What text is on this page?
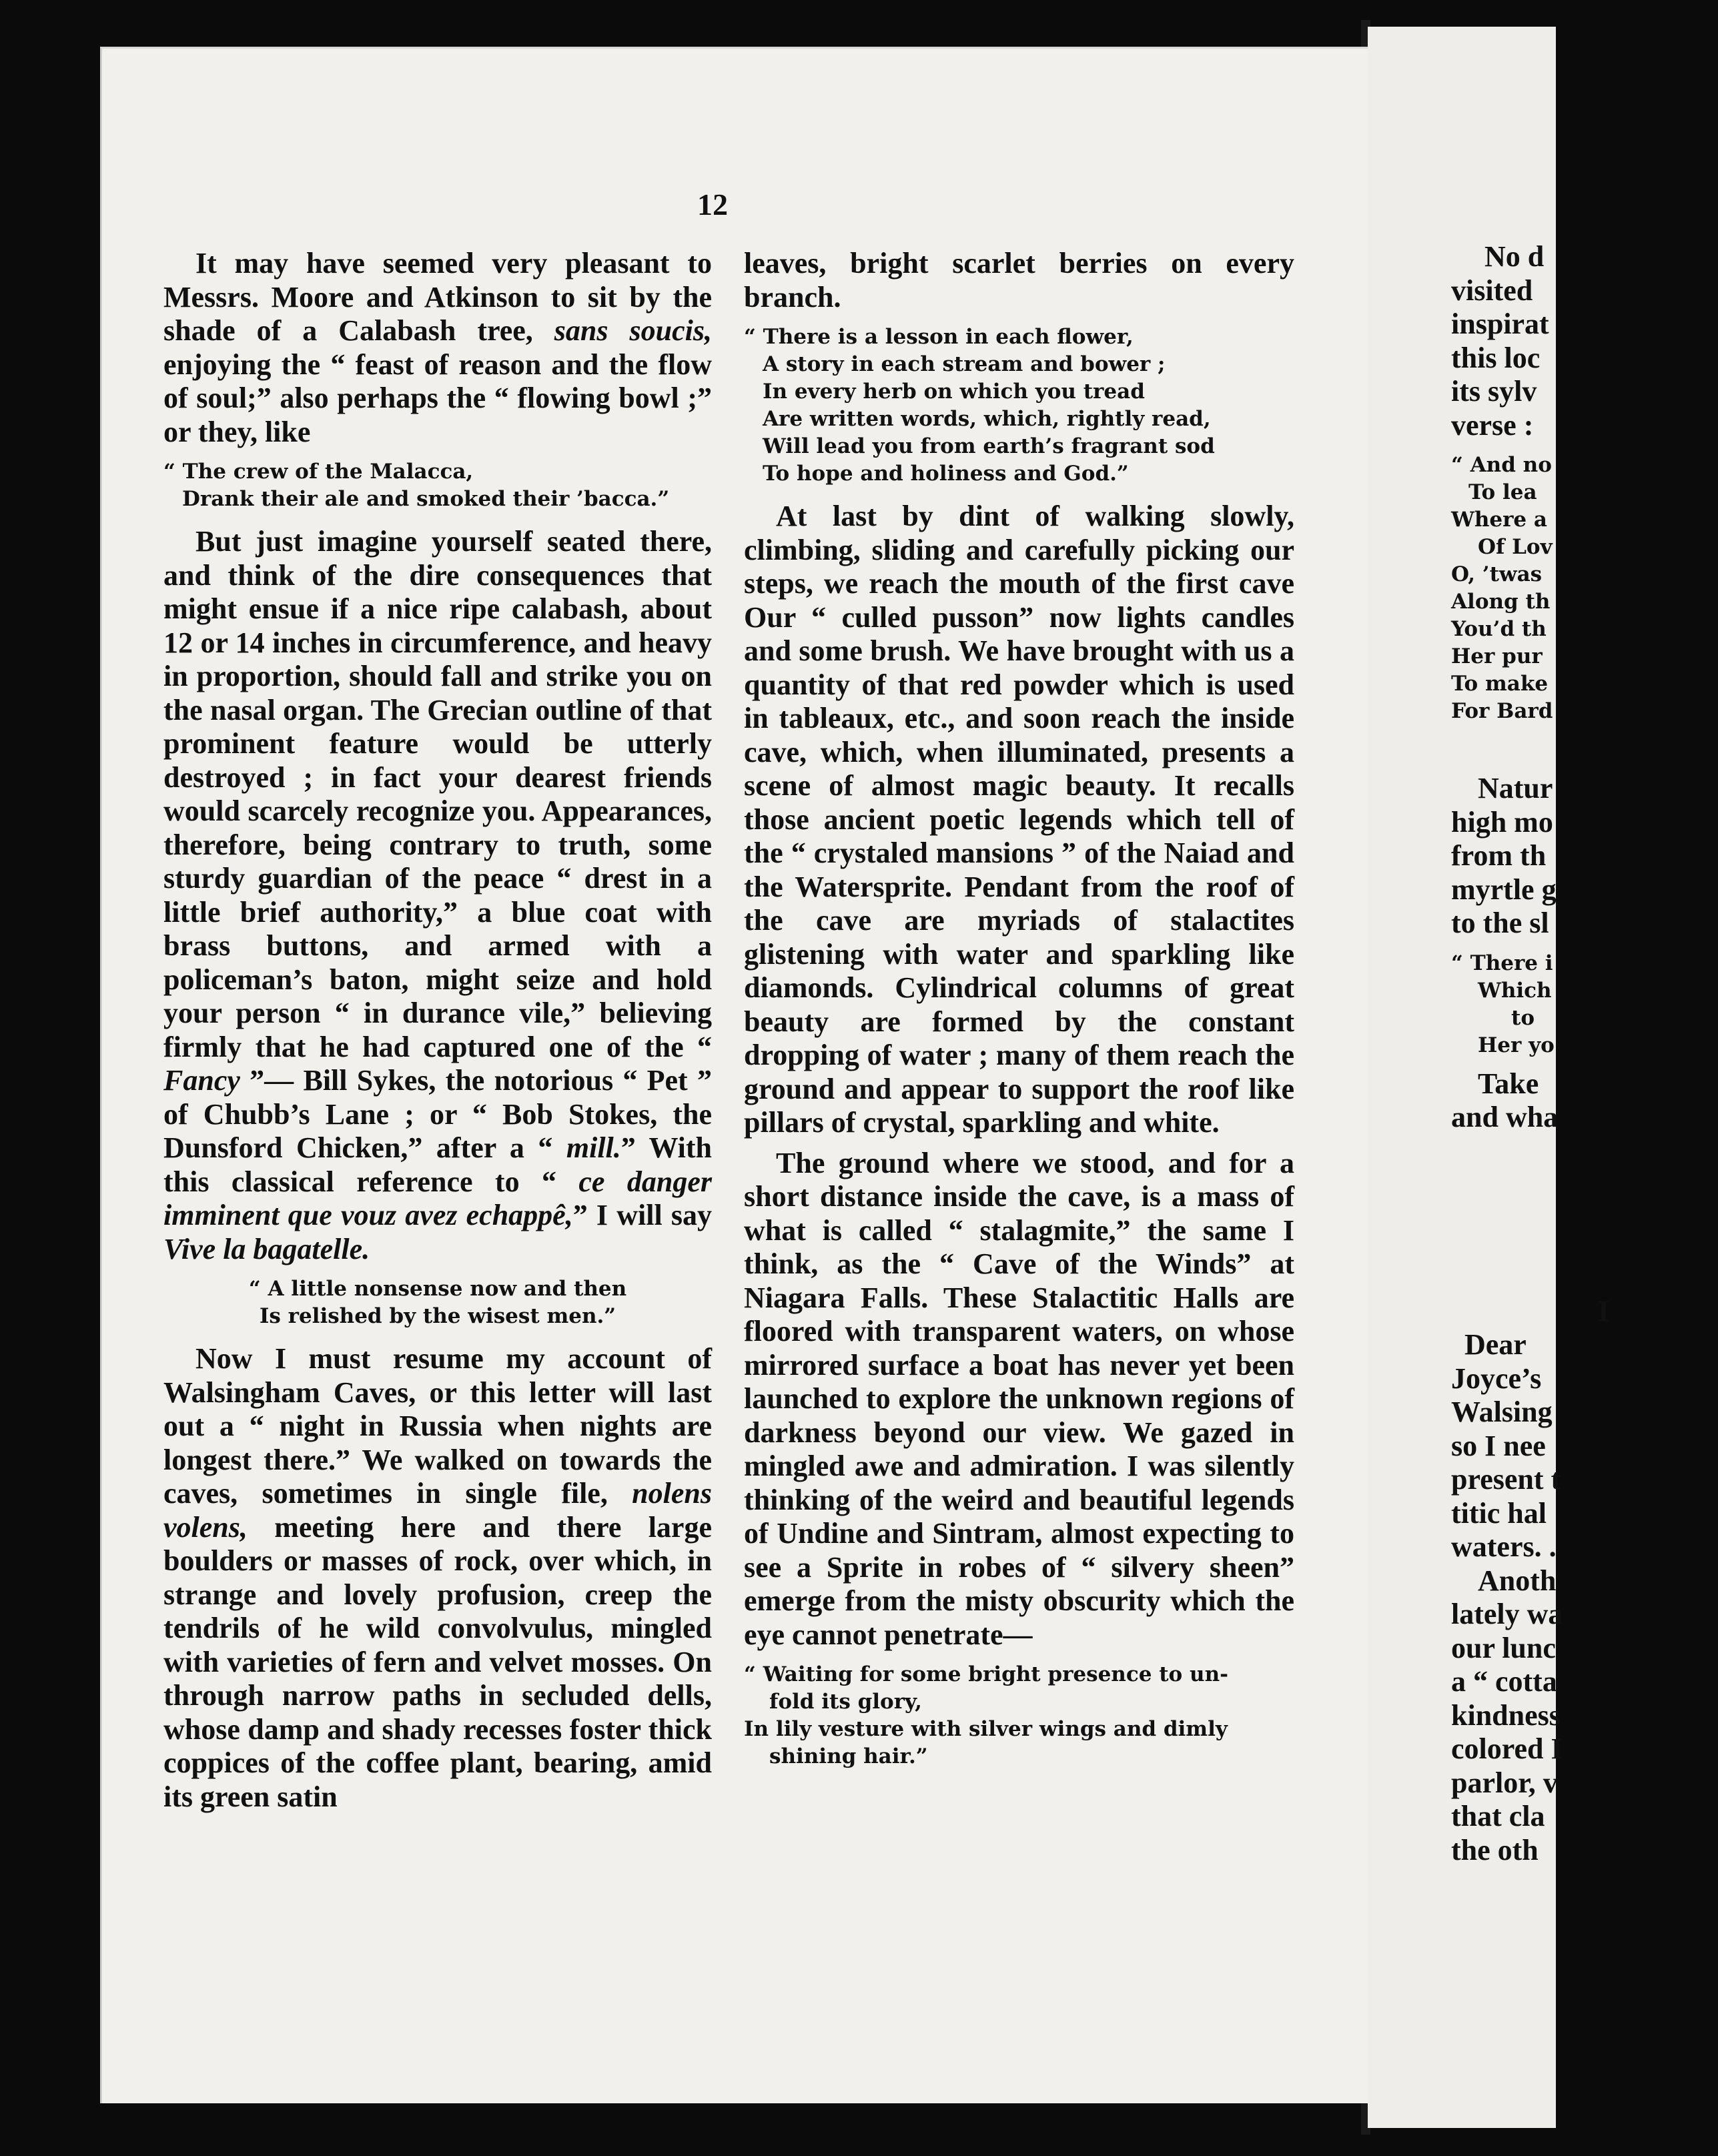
12

It may have seemed very pleasant to Messrs. Moore and Atkinson to sit by the shade of a Calabash tree, sans soucis, enjoying the “ feast of reason and the flow of soul;” also perhaps the “ flowing bowl ;” or they, like

“ The crew of the Malacca,
Drank their ale and smoked their ’bacca.”

But just imagine yourself seated there, and think of the dire consequences that might ensue if a nice ripe calabash, about 12 or 14 inches in circumference, and heavy in proportion, should fall and strike you on the nasal organ. The Grecian outline of that prominent feature would be utterly destroyed ; in fact your dearest friends would scarcely recognize you. Appearances, therefore, being contrary to truth, some sturdy guardian of the peace “ drest in a little brief authority,” a blue coat with brass buttons, and armed with a policeman’s baton, might seize and hold your person “ in durance vile,” believing firmly that he had captured one of the “ Fancy ”— Bill Sykes, the notorious “ Pet ” of Chubb’s Lane ; or “ Bob Stokes, the Dunsford Chicken,” after a “ mill.” With this classical reference to “ ce danger imminent que vouz avez echappê,” I will say Vive la bagatelle.

“ A little nonsense now and then
Is relished by the wisest men.”

Now I must resume my account of Walsingham Caves, or this letter will last out a “ night in Russia when nights are longest there.” We walked on towards the caves, sometimes in single file, nolens volens, meeting here and there large boulders or masses of rock, over which, in strange and lovely profusion, creep the tendrils of he wild convolvulus, mingled with varieties of fern and velvet mosses. On through narrow paths in secluded dells, whose damp and shady recesses foster thick coppices of the coffee plant, bearing, amid its green satin

leaves, bright scarlet berries on every branch.

“ There is a lesson in each flower,
A story in each stream and bower ;
In every herb on which you tread
Are written words, which, rightly read,
Will lead you from earth’s fragrant sod
To hope and holiness and God.”

At last by dint of walking slowly, climbing, sliding and carefully picking our steps, we reach the mouth of the first cave Our “ culled pusson” now lights candles and some brush. We have brought with us a quantity of that red powder which is used in tableaux, etc., and soon reach the inside cave, which, when illuminated, presents a scene of almost magic beauty. It recalls those ancient poetic legends which tell of the “ crystaled mansions ” of the Naiad and the Watersprite. Pendant from the roof of the cave are myriads of stalactites glistening with water and sparkling like diamonds. Cylindrical columns of great beauty are formed by the constant dropping of water ; many of them reach the ground and appear to support the roof like pillars of crystal, sparkling and white.

The ground where we stood, and for a short distance inside the cave, is a mass of what is called “ stalagmite,” the same I think, as the “ Cave of the Winds” at Niagara Falls. These Stalactitic Halls are floored with transparent waters, on whose mirrored surface a boat has never yet been launched to explore the unknown regions of darkness beyond our view. We gazed in mingled awe and admiration. I was silently thinking of the weird and beautiful legends of Undine and Sintram, almost expecting to see a Sprite in robes of “ silvery sheen” emerge from the misty obscurity which the eye cannot penetrate—

“ Waiting for some bright presence to un-
fold its glory,
In lily vesture with silver wings and dimly
shining hair.”
No d
visited
inspirat
this loc
its sylv
verse :
“ And no
To lea
Where a
Of Lov
O, ’twas
Along th
You’d th
Her pur
To make
For Bard
Natur
high mo
from th
myrtle g
to the sl
“ There i
Which
to
Her yo
Take
and wha
I
Dear
Joyce’s
Walsing
so I nee
present t
titic hal
waters. .
Anoth
lately wa
our lunc
a “ cotta
kindness
colored I
parlor, v
that cla
the oth
